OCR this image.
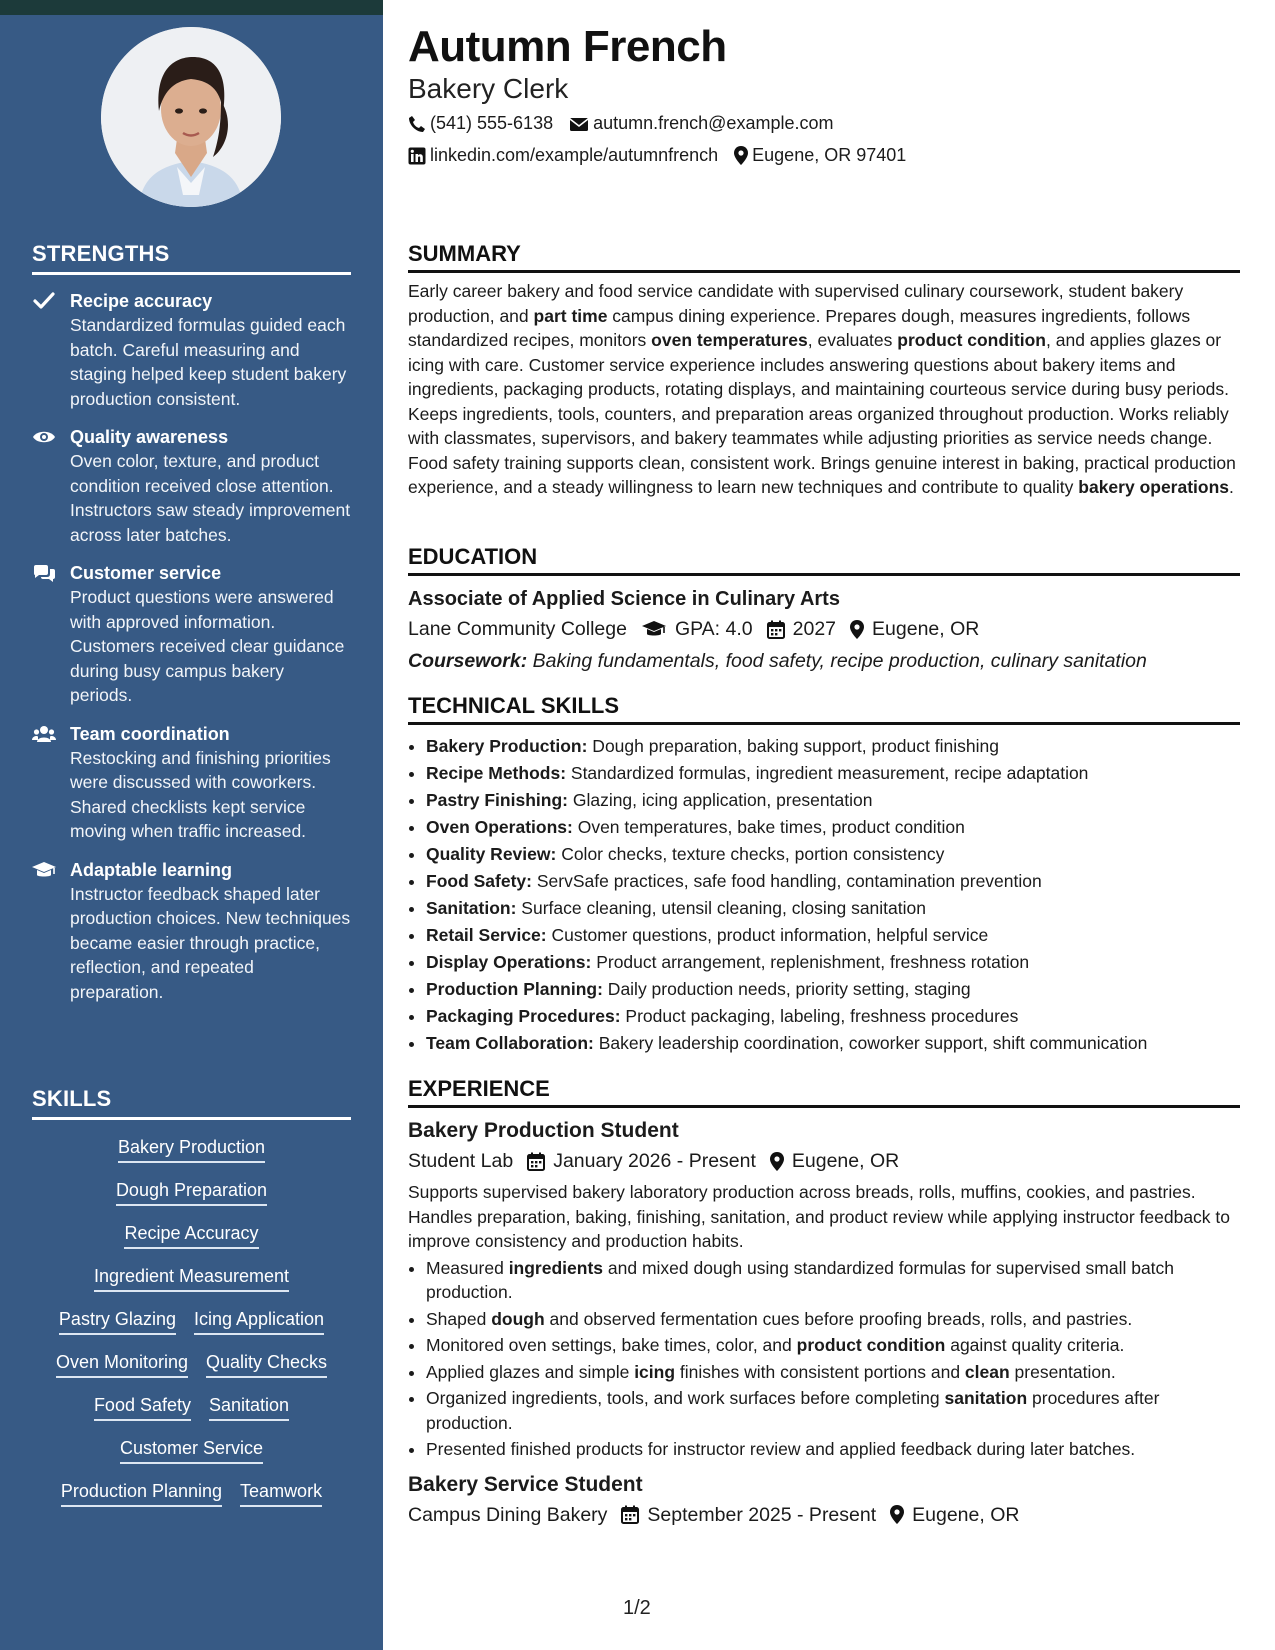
STRENGTHS
Recipe accuracy
Standardized formulas guided each batch. Careful measuring and staging helped keep student bakery production consistent.
Quality awareness
Oven color, texture, and product condition received close attention. Instructors saw steady improvement across later batches.
Customer service
Product questions were answered with approved information. Customers received clear guidance during busy campus bakery periods.
Team coordination
Restocking and finishing priorities were discussed with coworkers. Shared checklists kept service moving when traffic increased.
Adaptable learning
Instructor feedback shaped later production choices. New techniques became easier through practice, reflection, and repeated preparation.
SKILLS
Bakery Production
Dough Preparation
Recipe Accuracy
Ingredient Measurement
Pastry Glazing Icing Application
Oven Monitoring Quality Checks
Food Safety Sanitation
Customer Service
Production Planning Teamwork
Autumn French
Bakery Clerk
(541) 555-6138 autumn.french@example.com
linkedin.com/example/autumnfrench Eugene, OR 97401
SUMMARY
Early career bakery and food service candidate with supervised culinary coursework, student bakery production, and part time campus dining experience. Prepares dough, measures ingredients, follows standardized recipes, monitors oven temperatures, evaluates product condition, and applies glazes or icing with care. Customer service experience includes answering questions about bakery items and ingredients, packaging products, rotating displays, and maintaining courteous service during busy periods. Keeps ingredients, tools, counters, and preparation areas organized throughout production. Works reliably with classmates, supervisors, and bakery teammates while adjusting priorities as service needs change. Food safety training supports clean, consistent work. Brings genuine interest in baking, practical production experience, and a steady willingness to learn new techniques and contribute to quality bakery operations.
EDUCATION
Associate of Applied Science in Culinary Arts
Lane Community College GPA: 4.0 2027 Eugene, OR
Coursework: Baking fundamentals, food safety, recipe production, culinary sanitation
TECHNICAL SKILLS
• Bakery Production: Dough preparation, baking support, product finishing
• Recipe Methods: Standardized formulas, ingredient measurement, recipe adaptation
• Pastry Finishing: Glazing, icing application, presentation
• Oven Operations: Oven temperatures, bake times, product condition
• Quality Review: Color checks, texture checks, portion consistency
• Food Safety: ServSafe practices, safe food handling, contamination prevention
• Sanitation: Surface cleaning, utensil cleaning, closing sanitation
• Retail Service: Customer questions, product information, helpful service
• Display Operations: Product arrangement, replenishment, freshness rotation
• Production Planning: Daily production needs, priority setting, staging
• Packaging Procedures: Product packaging, labeling, freshness procedures
• Team Collaboration: Bakery leadership coordination, coworker support, shift communication
EXPERIENCE
Bakery Production Student
Student Lab January 2026 - Present Eugene, OR
Supports supervised bakery laboratory production across breads, rolls, muffins, cookies, and pastries. Handles preparation, baking, finishing, sanitation, and product review while applying instructor feedback to improve consistency and production habits.
• Measured ingredients and mixed dough using standardized formulas for supervised small batch production.
• Shaped dough and observed fermentation cues before proofing breads, rolls, and pastries.
• Monitored oven settings, bake times, color, and product condition against quality criteria.
• Applied glazes and simple icing finishes with consistent portions and clean presentation.
• Organized ingredients, tools, and work surfaces before completing sanitation procedures after production.
• Presented finished products for instructor review and applied feedback during later batches.
Bakery Service Student
Campus Dining Bakery September 2025 - Present Eugene, OR
1/2
